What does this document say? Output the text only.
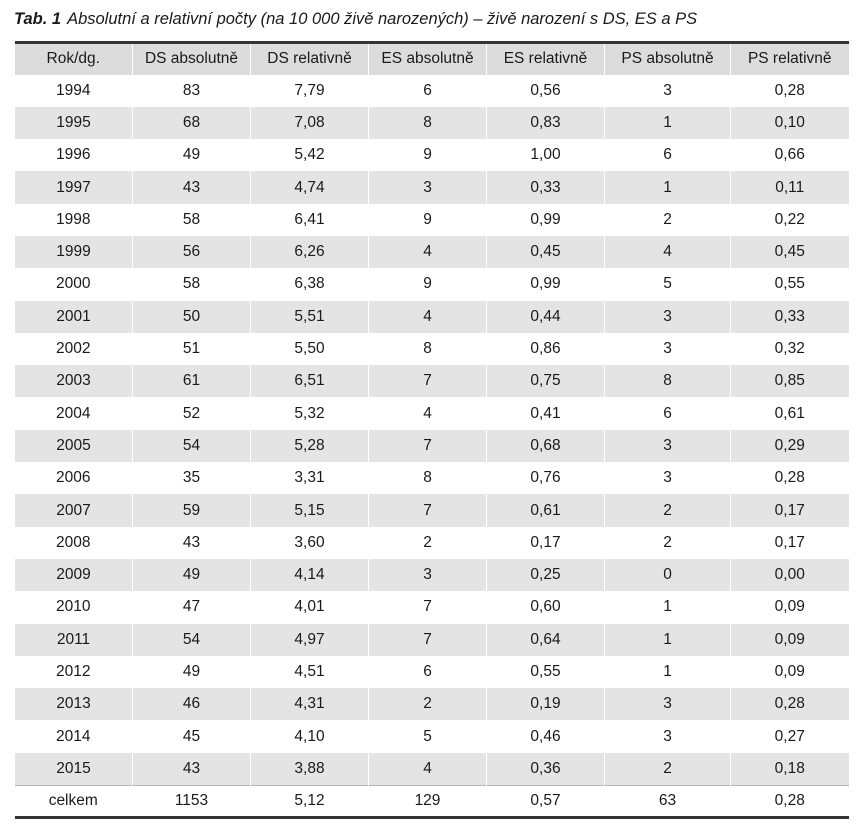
Tab. 1 Absolutní a relativní počty (na 10 000 živě narozených) – živě narození s DS, ES a PS
Rok/dg.	DS absolutně	DS relativně	ES absolutně	ES relativně	PS absolutně	PS relativně
1994	83	7,79	6	0,56	3	0,28
1995	68	7,08	8	0,83	1	0,10
1996	49	5,42	9	1,00	6	0,66
1997	43	4,74	3	0,33	1	0,11
1998	58	6,41	9	0,99	2	0,22
1999	56	6,26	4	0,45	4	0,45
2000	58	6,38	9	0,99	5	0,55
2001	50	5,51	4	0,44	3	0,33
2002	51	5,50	8	0,86	3	0,32
2003	61	6,51	7	0,75	8	0,85
2004	52	5,32	4	0,41	6	0,61
2005	54	5,28	7	0,68	3	0,29
2006	35	3,31	8	0,76	3	0,28
2007	59	5,15	7	0,61	2	0,17
2008	43	3,60	2	0,17	2	0,17
2009	49	4,14	3	0,25	0	0,00
2010	47	4,01	7	0,60	1	0,09
2011	54	4,97	7	0,64	1	0,09
2012	49	4,51	6	0,55	1	0,09
2013	46	4,31	2	0,19	3	0,28
2014	45	4,10	5	0,46	3	0,27
2015	43	3,88	4	0,36	2	0,18
celkem	1153	5,12	129	0,57	63	0,28
